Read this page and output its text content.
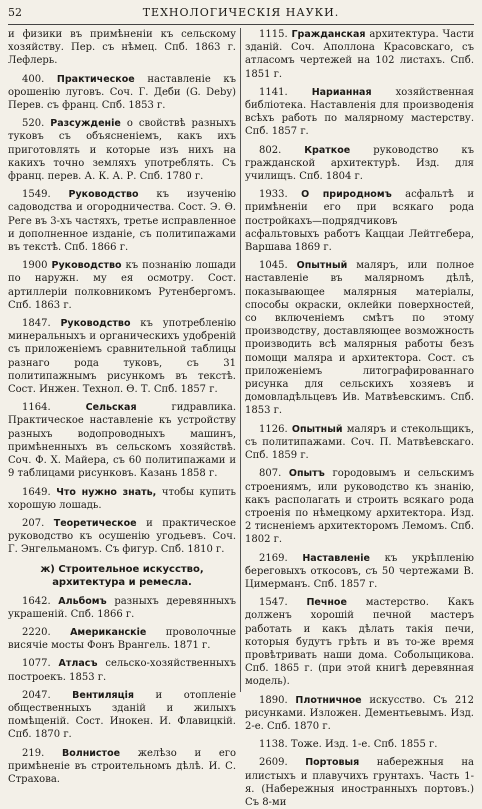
52	ТЕХНОЛОГИЧЕСКІЯ НАУКИ.

и физики въ примѣненіи къ сельскому хозяйству. Пер. съ нѣмец. Спб. 1863 г. Лефлерь.

400. Практическое наставленіе къ орошенію луговъ. Соч. Г. Деби (G. Deby) Перев. съ франц. Спб. 1853 г.

520. Разсужденіе о свойствѣ разныхъ туковъ съ объясненіемъ, какъ ихъ приготовлять и которые изъ нихъ на какихъ точно земляхъ употреблять. Съ франц. перев. А. К. А. Р. Спб. 1780 г.

1549. Руководство къ изученію садоводства и огородничества. Сост. Э. Ө. Реге въ 3-хъ частяхъ, третье исправленное и дополненное изданіе, съ политипажами въ текстѣ. Спб. 1866 г.

1900 Руководство къ познанію лошади по наружн. му ея осмотру. Сост. артиллеріи полковникомъ Рутенбергомъ. Спб. 1863 г.

1847. Руководство къ употребленію минеральныхъ и органическихъ удобреній съ приложеніемъ сравнительной таблицы разнаго рода туковъ, съ 31 политипажнымъ рисункомъ въ текстѣ. Сост. Инжен. Технол. Ѳ. Т. Спб. 1857 г.

1164.	Сельская	гидравлика. Практическое наставленіе къ устройству разныхъ водопроводныхъ машинъ, примѣненныхъ въ сельскомъ хозяйствѣ. Соч. Ф. Х. Майера, съ 60 политипажами и 9 таблицами рисунковъ. Казань 1858 г.

1649. Что нужно знать, чтобы купить хорошую лошадь.

207. Теоретическое и практическое руководство къ осушенію угодьевъ. Соч. Г. Энгельманомъ. Съ фигур. Спб. 1810 г.

ж) Строительное искусство, архитектура и ремесла.

1642. Альбомъ разныхъ деревянныхъ украшеній. Спб. 1866 г.

2220. Американскіе проволочные висячіе мосты Фонъ Врангель. 1871 г.

1077. Атласъ сельско-хозяйственныхъ построекъ. 1853 г.

2047. Вентиляція и отопленіе общественныхъ зданій и жилыхъ помѣщеній. Сост. Инокен. И. Флавицкій. Спб. 1870 г.

219. Волнистое желѣзо и его примѣненіе въ строительномъ дѣлѣ. И. С. Страхова.

1115. Гражданская архитектура. Части зданій. Соч. Аполлона Красовскаго, съ атласомъ чертежей на 102 листахъ. Спб. 1851 г.

1141.	Нарианная хозяйственная библіотека. Наставленія для производенія всѣхъ работь по малярному мастерству. Спб. 1857 г.

802. Краткое руководство къ гражданской архитектурѣ. Изд. для училищъ. Спб. 1804 г.

1933. О природномъ асфальтѣ и примѣненіи его при всякаго рода постройкахъ—подрядчиковъ асфальтовыхъ работъ Каццаи Лейтгебера, Варшава 1869 г.

1045. Опытный маляръ, или полное наставленіе въ малярномъ дѣлѣ, показывающее малярныя матеріалы, способы окраски, оклейки поверхностей, со включеніемъ смѣтъ по этому производству, доставляющее возможность производить всѣ малярныя работы безъ помощи маляра и архитектора. Сост. съ приложеніемъ литографированнаго рисунка для сельскихъ хозяевъ и домовладѣльцевъ Ив. Матвѣевскимъ. Спб. 1853 г.

1126. Опытный маляръ и стекольщикъ, съ политипажами. Соч. П. Матвѣевскаго. Спб. 1859 г.

807. Опытъ городовымъ и сельскимъ строениямъ, или руководство къ знанію, какъ располагать и строить всякаго рода строенія по нѣмецкому архитектора. Изд. 2 тисненіемъ архитекторомъ Лемомъ. Спб. 1802 г.

2169. Наставленіе къ укрѣпленію береговыхъ откосовъ, съ 50 чертежами В. Цимерманъ. Спб. 1857 г.

1547. Печное мастерство. Какъ долженъ хорошій печной мастеръ работать и какъ дѣлать такія печи, которыя будутъ грѣть и въ то-же время провѣтривать наши дома. Соболыцикова. Спб. 1865 г. (при этой книгѣ деревянная модель).

1890. Плотничное искусство. Съ 212 рисунками. Изложен. Дементьевымъ. Изд. 2-е. Спб. 1870 г.

1138. Тоже. Изд. 1-е. Спб. 1855 г.

2609. Портовыя набережныя на илистыхъ и плавучихъ грунтахъ. Часть 1-я. (Набережныя иностранныхъ портовъ.) Съ 8-ми
